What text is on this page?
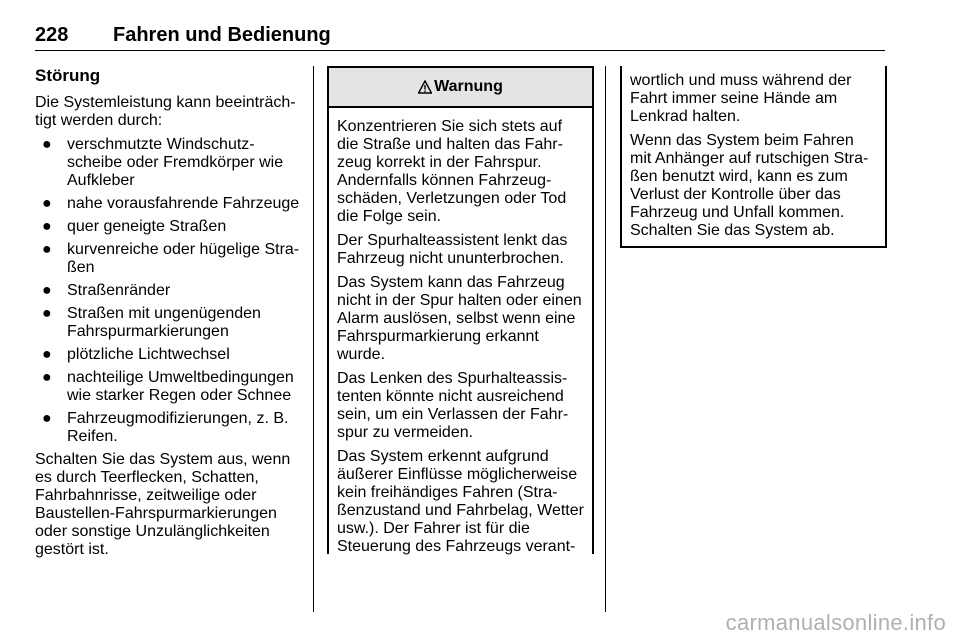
228 Fahren und Bedienung
Störung

Die Systemleistung kann beeinträch-tigt werden durch:

● verschmutzte Windschutz-scheibe oder Fremdkörper wie Aufkleber
● nahe vorausfahrende Fahrzeuge
● quer geneigte Straßen
● kurvenreiche oder hügelige Stra-ßen
● Straßenränder
● Straßen mit ungenügenden Fahrspurmarkierungen
● plötzliche Lichtwechsel
● nachteilige Umweltbedingungen wie starker Regen oder Schnee
● Fahrzeugmodifizierungen, z. B. Reifen.

Schalten Sie das System aus, wenn es durch Teerflecken, Schatten, Fahrbahnrisse, zeitweilige oder Baustellen-Fahrspurmarkierungen oder sonstige Unzulänglichkeiten gestört ist.

Warnung

Konzentrieren Sie sich stets auf die Straße und halten das Fahr-zeug korrekt in der Fahrspur. Andernfalls können Fahrzeug-schäden, Verletzungen oder Tod die Folge sein.

Der Spurhalteassistent lenkt das Fahrzeug nicht ununterbrochen.

Das System kann das Fahrzeug nicht in der Spur halten oder einen Alarm auslösen, selbst wenn eine Fahrspurmarkierung erkannt wurde.

Das Lenken des Spurhalteassis-tenten könnte nicht ausreichend sein, um ein Verlassen der Fahr-spur zu vermeiden.

Das System erkennt aufgrund äußerer Einflüsse möglicherweise kein freihändiges Fahren (Stra-ßenzustand und Fahrbelag, Wetter usw.). Der Fahrer ist für die Steuerung des Fahrzeugs verant-

wortlich und muss während der Fahrt immer seine Hände am Lenkrad halten.

Wenn das System beim Fahren mit Anhänger auf rutschigen Stra-ßen benutzt wird, kann es zum Verlust der Kontrolle über das Fahrzeug und Unfall kommen. Schalten Sie das System ab.

carmanualsonline.info
